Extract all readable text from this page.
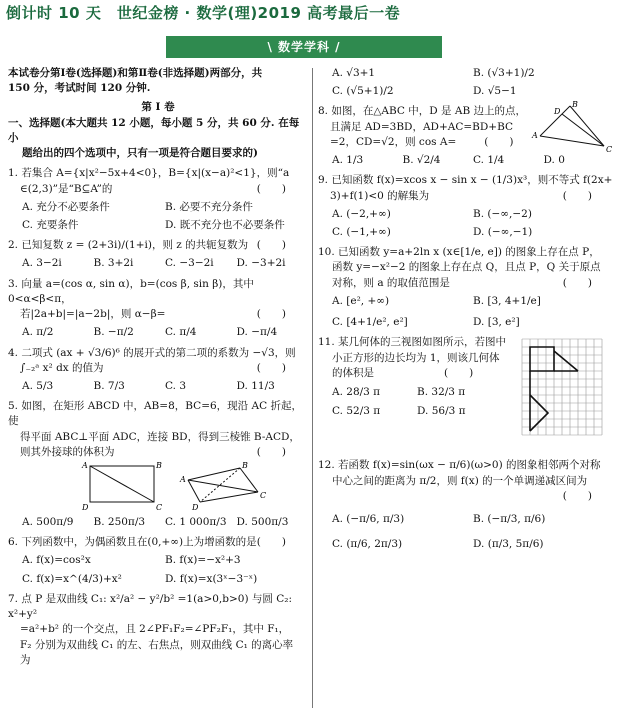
倒计时 10 天　世纪金榜 · 数学(理)2019 高考最后一卷
\ 数学学科 /

本试卷分第Ⅰ卷(选择题)和第Ⅱ卷(非选择题)两部分，共

150 分，考试时间 120 分钟.

第 Ⅰ 卷

一、选择题(本大题共 12 小题，每小题 5 分，共 60 分. 在每小

题给出的四个选项中，只有一项是符合题目要求的)

1. 若集合 A={x|x²−5x+4<0}，B={x|(x−a)²<1}，则“a

∈(2,3)”是“B⊆A”的	(　　)

A. 充分不必要条件	B. 必要不充分条件
C. 充要条件	D. 既不充分也不必要条件

2. 已知复数 z = (2+3i)/(1+i)，则 z 的共轭复数为 (　　)

A. 3−2i	B. 3+2i	C. −3−2i	D. −3+2i

3. 向量 a=(cos α, sin α)，b=(cos β, sin β)，其中 0<α<β<π，

若|2a+b|=|a−2b|，则 α−β=	(　　)

A. π/2	B. −π/2	C. π/4	D. −π/4

4. 二项式 (ax + √3/6)⁶ 的展开式的第二项的系数为 −√3，则

∫₋₂ᵃ x² dx 的值为	(　　)

A. 5/3	B. 7/3	C. 3	D. 11/3

5. 如图，在矩形 ABCD 中，AB=8，BC=6，现沿 AC 折起，使

得平面 ABC⊥平面 ADC，连接 BD，得到三棱锥 B-ACD，

则其外接球的体积为	(　　)

A	B
C
D
A
B
C
D
A. 500π/9	B. 250π/3	C. 1 000π/3 D. 500π/3

6. 下列函数中，为偶函数且在(0,+∞)上为增函数的是 (　　)

A. f(x)=cos²x	B. f(x)=−x²+3
C. f(x)=x^(4/3)+x²	D. f(x)=x(3ˣ−3⁻ˣ)

7. 点 P 是双曲线 C₁: x²/a² − y²/b² =1(a>0,b>0) 与圆 C₂: x²+y²

=a²+b² 的一个交点，且 2∠PF₁F₂=∠PF₂F₁，其中 F₁，

F₂ 分别为双曲线 C₁ 的左、右焦点，则双曲线 C₁ 的离心率

为

A. √3+1	B. (√3+1)/2
C. (√5+1)/2	D. √5−1

8. 如图，在△ABC 中，D 是 AB 边上的点，

且满足 AD=3BD，AD+AC=BD+BC

=2，CD=√2，则 cos A=	(　　)	A
B
C
D
A. 1/3	B. √2/4	C. 1/4	D. 0

9. 已知函数 f(x)=xcos x − sin x − (1/3)x³，则不等式 f(2x+

3)+f(1)<0 的解集为	(　　)

A. (−2,+∞)	B. (−∞,−2)
C. (−1,+∞)	D. (−∞,−1)

10. 已知函数 y=a+2ln x (x∈[1/e, e]) 的图象上存在点 P，

函数 y=−x²−2 的图象上存在点 Q，且点 P，Q 关于原点

对称，则 a 的取值范围是	(　　)

A. [e², +∞)	B. [3, 4+1/e]
C. [4+1/e², e²]	D. [3, e²]

11. 某几何体的三视图如图所示，若图中

小正方形的边长均为 1，则该几何体

的体积是	(　　)

A. 28/3 π	B. 32/3 π
C. 52/3 π	D. 56/3 π

12. 若函数 f(x)=sin(ωx − π/6)(ω>0) 的图象相邻两个对称

中心之间的距离为 π/2，则 f(x) 的一个单调递减区间为

(　　)

A. (−π/6, π/3)	B. (−π/3, π/6)
C. (π/6, 2π/3)	D. (π/3, 5π/6)
